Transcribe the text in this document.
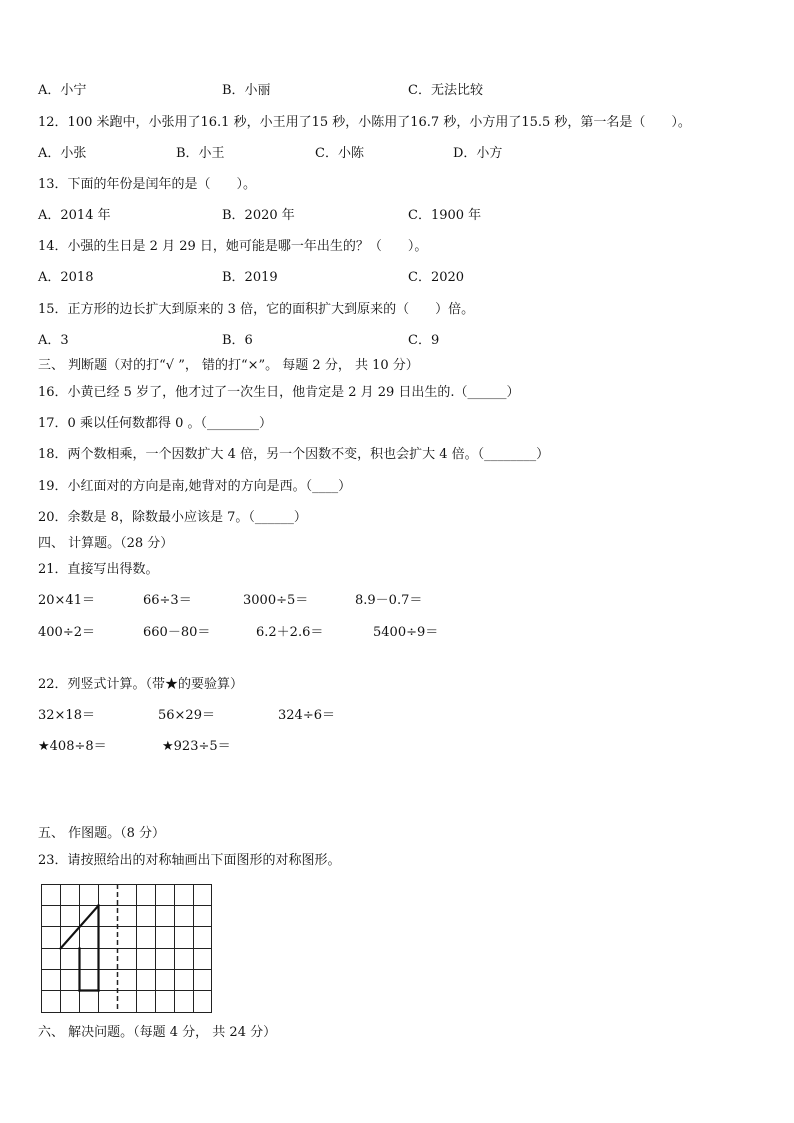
A．小宁	B．小丽	C．无法比较
12．100 米跑中，小张用了16.1 秒，小王用了15 秒，小陈用了16.7 秒，小方用了15.5 秒，第一名是（　　）。
A．小张	B．小王	C．小陈	D．小方
13．下面的年份是闰年的是（　　）。
A．2014 年	B．2020 年	C．1900 年
14．小强的生日是 2 月 29 日，她可能是哪一年出生的？（　　）。
A．2018	B．2019	C．2020
15．正方形的边长扩大到原来的 3 倍，它的面积扩大到原来的（　　）倍。
A．3	B．6	C．9
三、 判断题（对的打“√ ”， 错的打“×”。 每题 2 分， 共 10 分）
16．小黄已经 5 岁了，他才过了一次生日，他肯定是 2 月 29 日出生的.（______）
17．0 乘以任何数都得 0 。（________）
18．两个数相乘，一个因数扩大 4 倍，另一个因数不变，积也会扩大 4 倍。（________）
19．小红面对的方向是南,她背对的方向是西。（____）
20．余数是 8，除数最小应该是 7。（______）
四、 计算题。（28 分）
21．直接写出得数。
20×41＝	66÷3＝	3000÷5＝	8.9－0.7＝
400÷2＝	660－80＝	6.2＋2.6＝	5400÷9＝
22．列竖式计算。（带★的要验算）
32×18＝	56×29＝	324÷6＝
★408÷8＝	★923÷5＝
五、 作图题。（8 分）
23．请按照给出的对称轴画出下面图形的对称图形。
六、 解决问题。（每题 4 分， 共 24 分）
